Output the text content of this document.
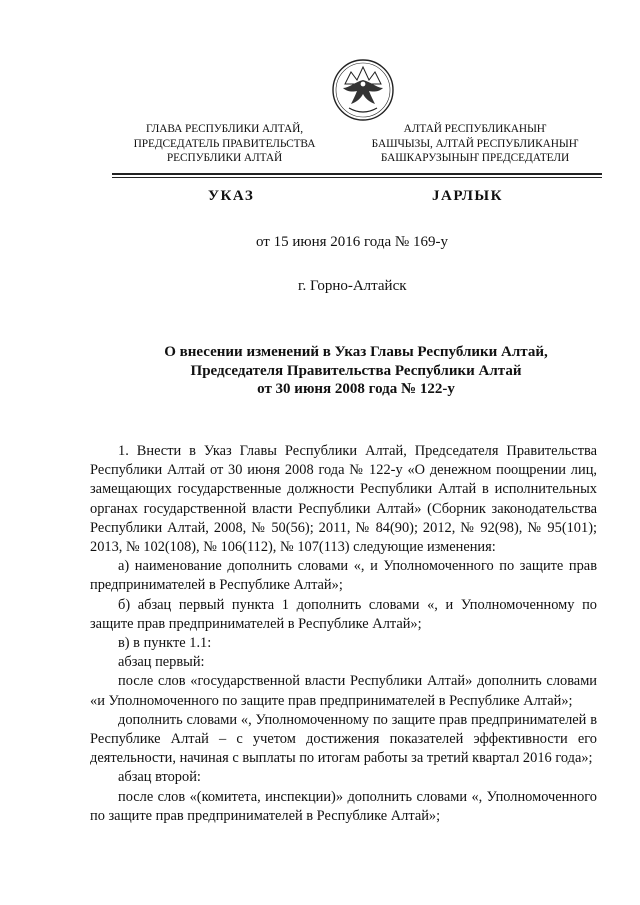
ГЛАВА РЕСПУБЛИКИ АЛТАЙ,
ПРЕДСЕДАТЕЛЬ ПРАВИТЕЛЬСТВА
РЕСПУБЛИКИ АЛТАЙ
АЛТАЙ РЕСПУБЛИКАНЫҤ
БАШЧЫЗЫ, АЛТАЙ РЕСПУБЛИКАНЫҤ
БАШКАРУЗЫНЫҤ ПРЕДСЕДАТЕЛИ
УКАЗ	ЈАРЛЫК
от 15 июня 2016 года № 169-у
г. Горно-Алтайск
О внесении изменений в Указ Главы Республики Алтай,
Председателя Правительства Республики Алтай
от 30 июня 2008 года № 122-у

1. Внести в Указ Главы Республики Алтай, Председателя Правительства Республики Алтай от 30 июня 2008 года № 122-у «О денежном поощрении лиц, замещающих государственные должности Республики Алтай в исполнительных органах государственной власти Республики Алтай» (Сборник законодательства Республики Алтай, 2008, № 50(56); 2011, № 84(90); 2012, № 92(98), № 95(101); 2013, № 102(108), № 106(112), № 107(113) следующие изменения:

а) наименование дополнить словами «, и Уполномоченного по защите прав предпринимателей в Республике Алтай»;

б) абзац первый пункта 1 дополнить словами «, и Уполномоченному по защите прав предпринимателей в Республике Алтай»;

в) в пункте 1.1:

абзац первый:

после слов «государственной власти Республики Алтай» дополнить словами «и Уполномоченного по защите прав предпринимателей в Республике Алтай»;

дополнить словами «, Уполномоченному по защите прав предпринимателей в Республике Алтай – с учетом достижения показателей эффективности его деятельности, начиная с выплаты по итогам работы за третий квартал 2016 года»;

абзац второй:

после слов «(комитета, инспекции)» дополнить словами «, Уполномоченного по защите прав предпринимателей в Республике Алтай»;
